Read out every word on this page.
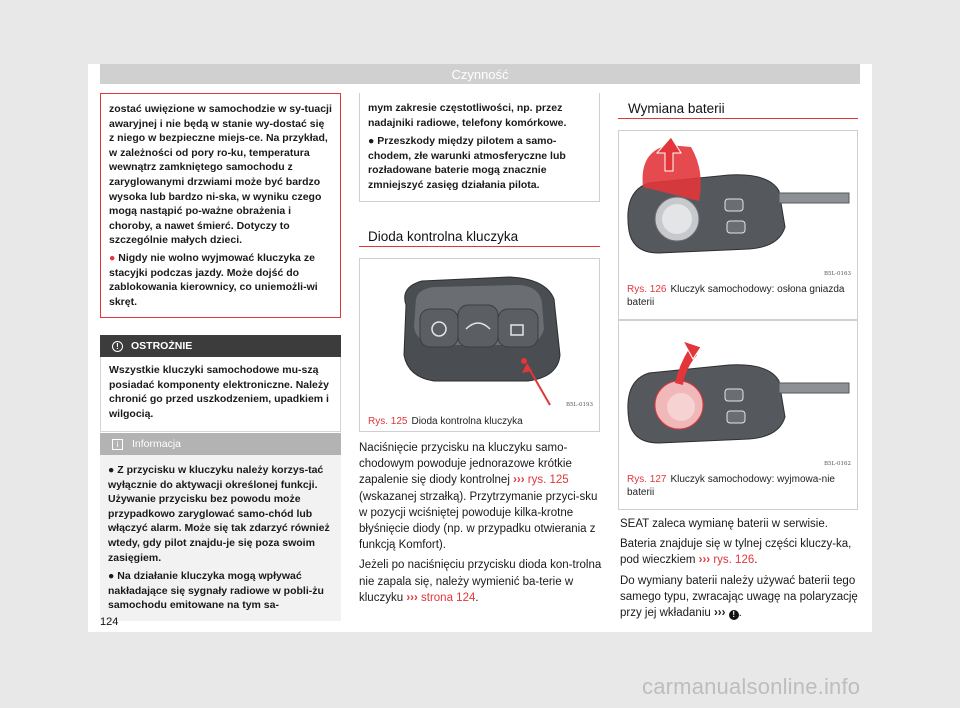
Czynność

zostać uwięzione w samochodzie w sy-tuacji awaryjnej i nie będą w stanie wy-dostać się z niego w bezpieczne miejs-ce. Na przykład, w zależności od pory ro-ku, temperatura wewnątrz zamkniętego samochodu z zaryglowanymi drzwiami może być bardzo wysoka lub bardzo ni-ska, w wyniku czego mogą nastąpić po-ważne obrażenia i choroby, a nawet śmierć. Dotyczy to szczególnie małych dzieci.

● Nigdy nie wolno wyjmować kluczyka ze stacyjki podczas jazdy. Może dojść do zablokowania kierownicy, co uniemożli-wi skręt.

!	OSTROŻNIE
Wszystkie kluczyki samochodowe mu-szą posiadać komponenty elektroniczne. Należy chronić go przed uszkodzeniem, upadkiem i wilgocią.
i	Informacja

● Z przycisku w kluczyku należy korzys-tać wyłącznie do aktywacji określonej funkcji. Używanie przycisku bez powodu może przypadkowo zaryglować samo-chód lub włączyć alarm. Może się tak zdarzyć również wtedy, gdy pilot znajdu-je się poza swoim zasięgiem.

● Na działanie kluczyka mogą wpływać nakładające się sygnały radiowe w pobli-żu samochodu emitowane na tym sa-

mym zakresie częstotliwości, np. przez nadajniki radiowe, telefony komórkowe.

● Przeszkody między pilotem a samo-chodem, złe warunki atmosferyczne lub rozładowane baterie mogą znacznie zmniejszyć zasięg działania pilota.

Dioda kontrolna kluczyka
B5L-0193
Rys. 125 Dioda kontrolna kluczyka

Naciśnięcie przycisku na kluczyku samo-chodowym powoduje jednorazowe krótkie zapalenie się diody kontrolnej ››› rys. 125 (wskazanej strzałką). Przytrzymanie przyci-sku w pozycji wciśniętej powoduje kilka-krotne błyśnięcie diody (np. w przypadku otwierania z funkcją Komfort).

Jeżeli po naciśnięciu przycisku dioda kon-trolna nie zapala się, należy wymienić ba-terie w kluczyku ››› strona 124.

Wymiana baterii
B5L-0163
Rys. 126 Kluczyk samochodowy: osłona gniazda baterii
B5L-0162
Rys. 127 Kluczyk samochodowy: wyjmowa-nie baterii

SEAT zaleca wymianę baterii w serwisie.

Bateria znajduje się w tylnej części kluczy-ka, pod wieczkiem ››› rys. 126.

Do wymiany baterii należy używać baterii tego samego typu, zwracając uwagę na polaryzację przy jej wkładaniu ››› ! .

124
carmanualsonline.info
